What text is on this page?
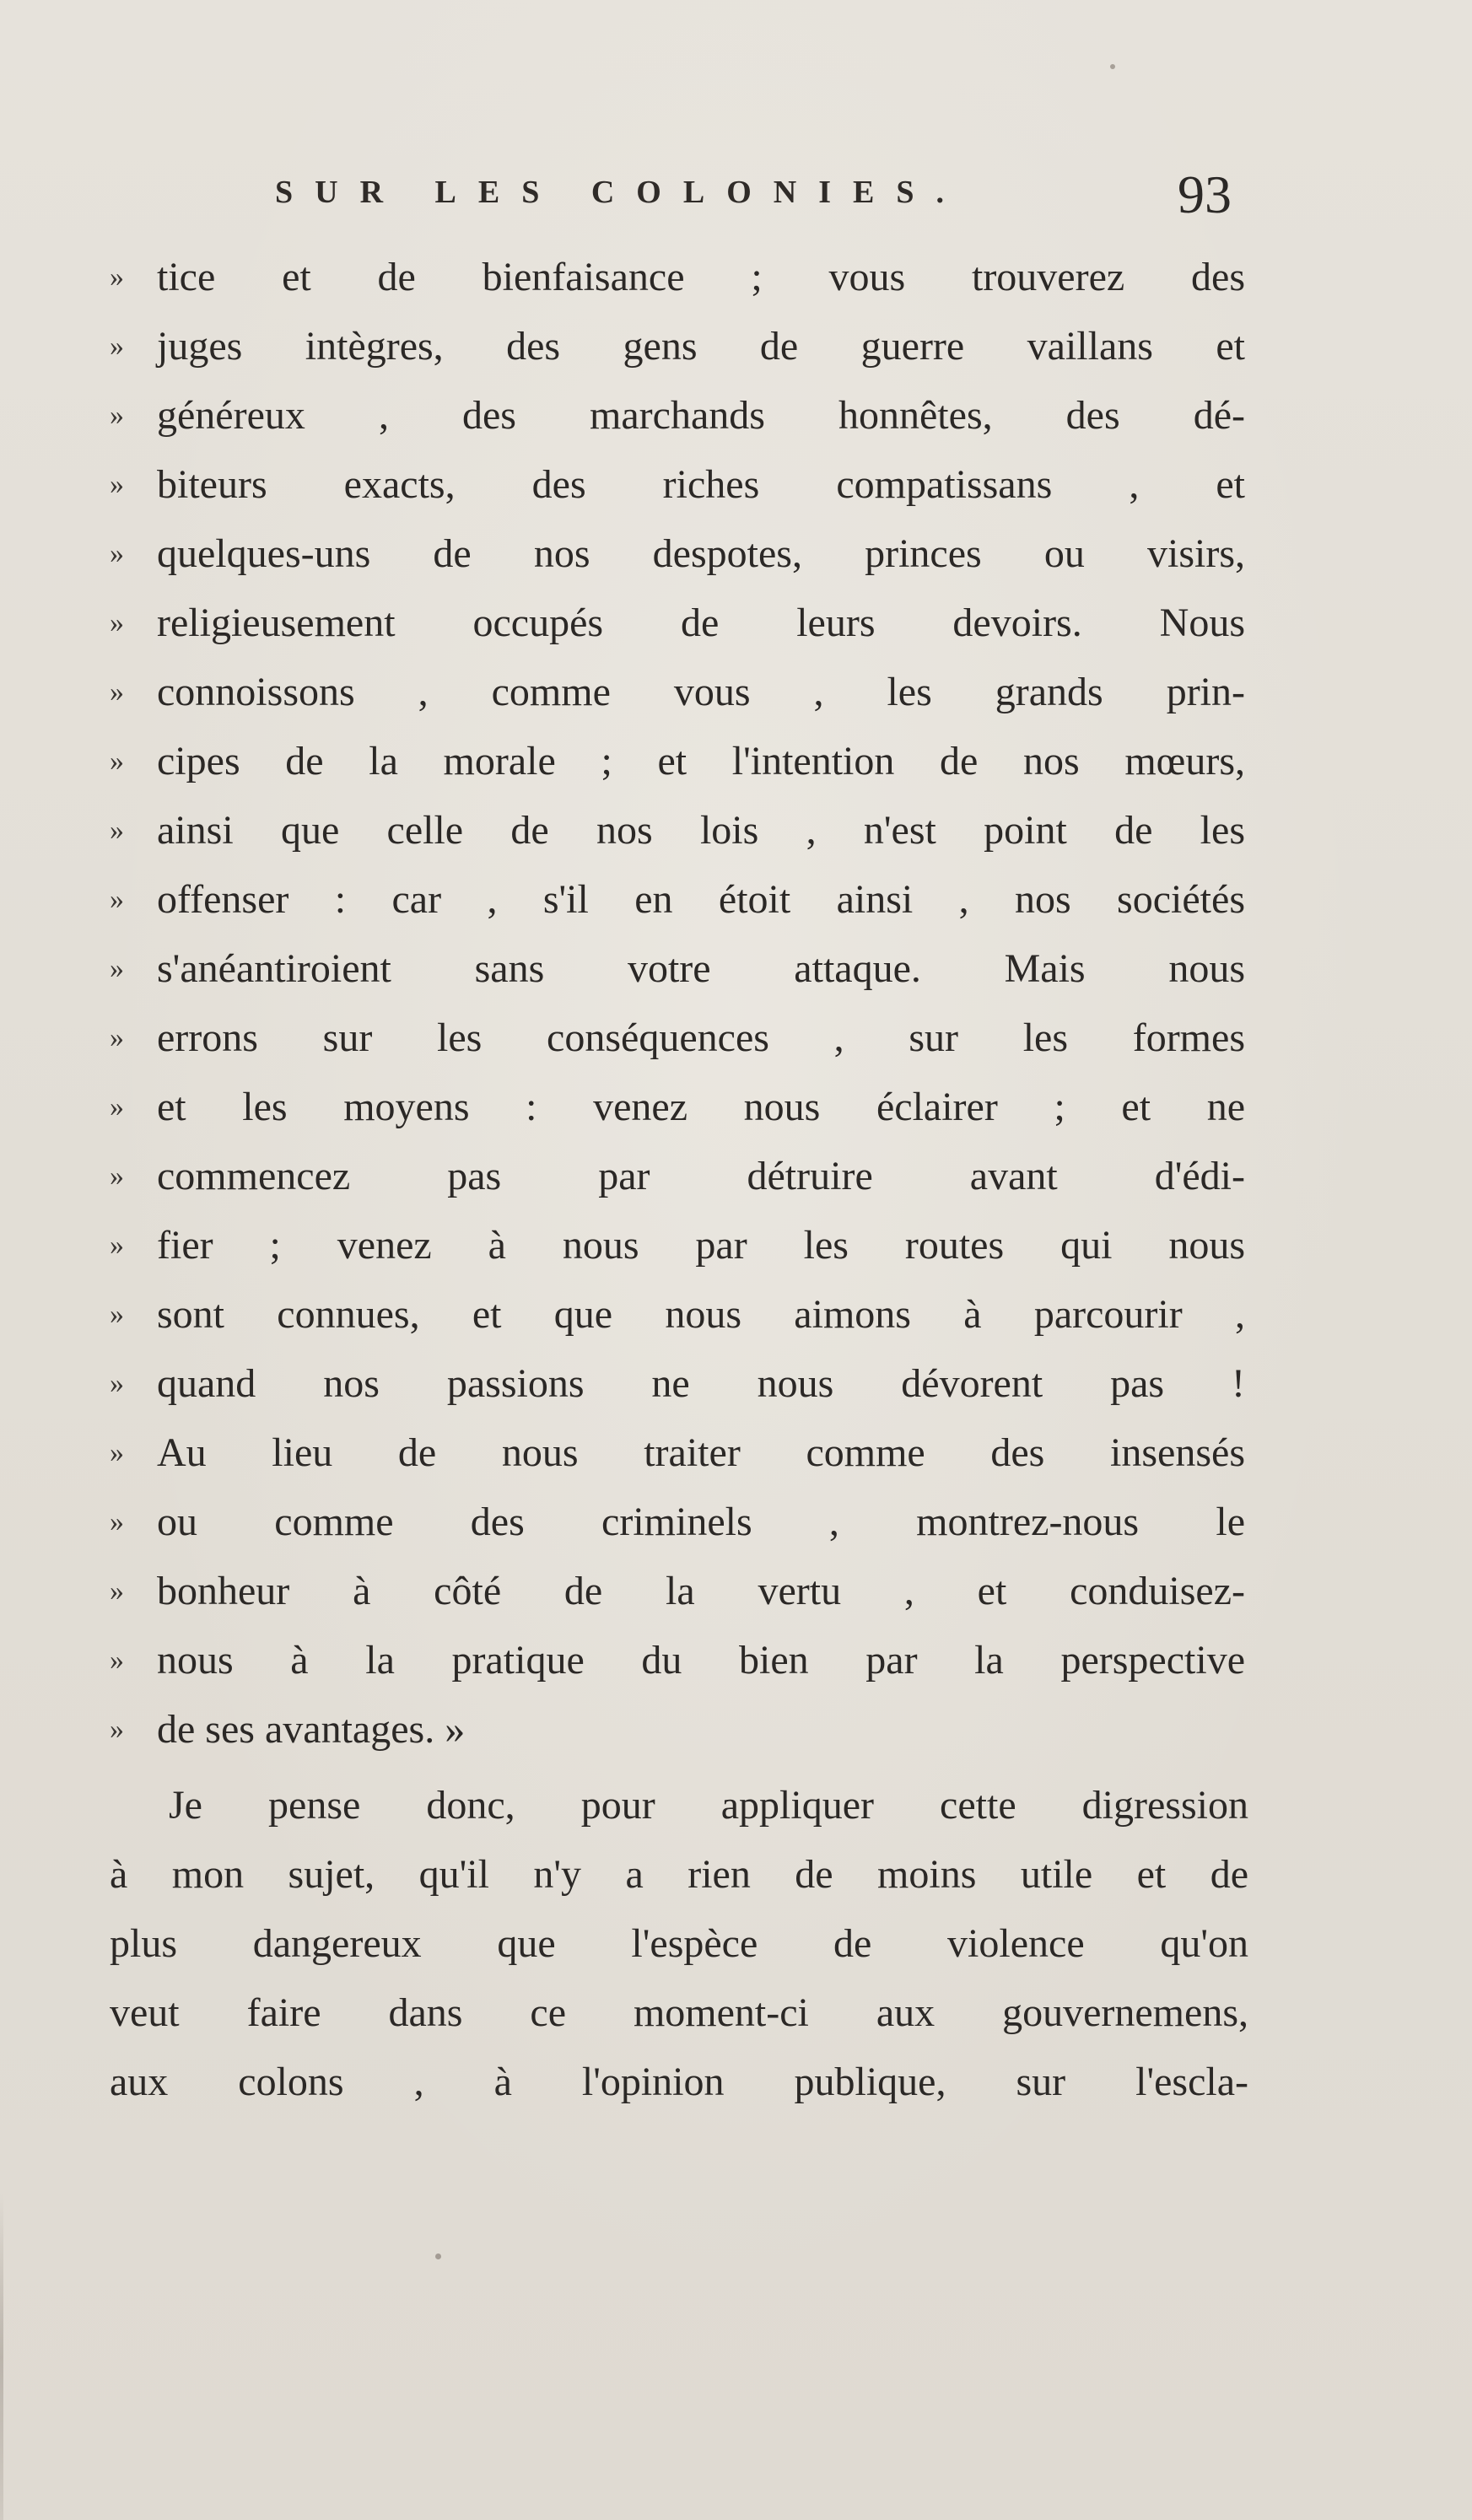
SUR LES COLONIES.	93
» tice et de bienfaisance ; vous trouverez des
» juges intègres, des gens de guerre vaillans et
» généreux , des marchands honnêtes, des dé-
» biteurs exacts, des riches compatissans , et
» quelques-uns de nos despotes, princes ou visirs,
» religieusement occupés de leurs devoirs. Nous
» connoissons , comme vous , les grands prin-
» cipes de la morale ; et l'intention de nos mœurs,
» ainsi que celle de nos lois , n'est point de les
» offenser : car , s'il en étoit ainsi , nos sociétés
» s'anéantiroient sans votre attaque. Mais nous
» errons sur les conséquences , sur les formes
» et les moyens : venez nous éclairer ; et ne
» commencez pas par détruire avant d'édi-
» fier ; venez à nous par les routes qui nous
» sont connues, et que nous aimons à parcourir ,
» quand nos passions ne nous dévorent pas !
» Au lieu de nous traiter comme des insensés
» ou comme des criminels , montrez-nous le
» bonheur à côté de la vertu , et conduisez-
» nous à la pratique du bien par la perspective
» de ses avantages. »
Je pense donc, pour appliquer cette digression
à mon sujet, qu'il n'y a rien de moins utile et de
plus dangereux que l'espèce de violence qu'on
veut faire dans ce moment-ci aux gouvernemens,
aux colons , à l'opinion publique, sur l'escla-
